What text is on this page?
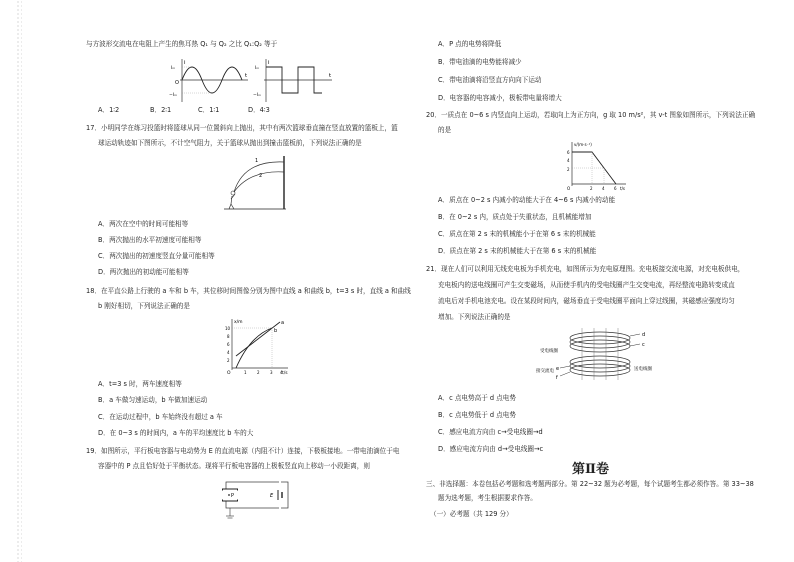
与方波形交流电在电阻上产生的焦耳热 Q₁ 与 Q₂ 之比 Q₁:Q₂ 等于
i
t
Iₘ
−Iₘ
O
i
t
Iₘ
−Iₘ
A．1∶2	B．2∶1	C．1∶1	D．4∶3
17．小明同学在练习投篮时将篮球从同一位置斜向上抛出，其中有两次篮球垂直撞在竖直放置的篮板上，篮
球运动轨迹如下图所示，不计空气阻力，关于篮球从抛出到撞击篮板前，下列说法正确的是
1
2
A．两次在空中的时间可能相等
B．两次抛出的水平初速度可能相等
C．两次抛出的初速度竖直分量可能相等
D．两次抛出的初动能可能相等
18．在平直公路上行驶的 a 车和 b 车，其位移时间图像分别为图中直线 a 和曲线 b，t=3 s 时，直线 a 和曲线
b 刚好相切，下列说法正确的是
x/m
t/s
a
b
10
8
6
4
2
1	2	3 4
O
A．t=3 s 时，两车速度相等
B．a 车做匀速运动，b 车做加速运动
C．在运动过程中，b 车始终没有超过 a 车
D．在 0~3 s 的时间内，a 车的平均速度比 b 车的大
19．如图所示，平行板电容器与电动势为 E 的直流电源（内阻不计）连接，下极板接地。一带电油滴位于电
容器中的 P 点且恰好处于平衡状态。现将平行板电容器的上极板竖直向上移动一小段距离，则
P	E
A．P 点的电势将降低
B．带电油滴的电势能将减少
C．带电油滴将沿竖直方向向下运动
D．电容器的电容减小，极板带电量将增大
20．一质点在 0~6 s 内竖直向上运动，若取向上为正方向，g 取 10 m/s²，其 v-t 图象如图所示，下列说法正确
的是
v/(m·s⁻¹)
t/s
6
4
2
2 4 6
O
A．质点在 0~2 s 内减小的动能大于在 4~6 s 内减小的动能
B．在 0~2 s 内，质点处于失重状态，且机械能增加
C．质点在第 2 s 末的机械能小于在第 6 s 末的机械能
D．质点在第 2 s 末的机械能大于在第 6 s 末的机械能
21．现在人们可以利用无线充电板为手机充电，如图所示为充电原理图。充电板接交流电源，对充电板供电，
充电板内的送电线圈可产生交变磁场，从而使手机内的受电线圈产生交变电流，再经整流电路转变成直
流电后对手机电池充电。设在某段时间内，磁场垂直于受电线圈平面向上穿过线圈，其磁感应强度均匀
增加。下列说法正确的是
受电线圈
送电线圈
接交流电
d
c
e
f
A．c 点电势高于 d 点电势
B．c 点电势低于 d 点电势
C．感应电流方向由 c→受电线圈→d
D．感应电流方向由 d→受电线圈→c
第Ⅱ卷
三、非选择题：本卷包括必考题和选考题两部分。第 22~32 题为必考题，每个试题考生都必须作答。第 33~38
题为选考题，考生根据要求作答。
（一）必考题（共 129 分）
